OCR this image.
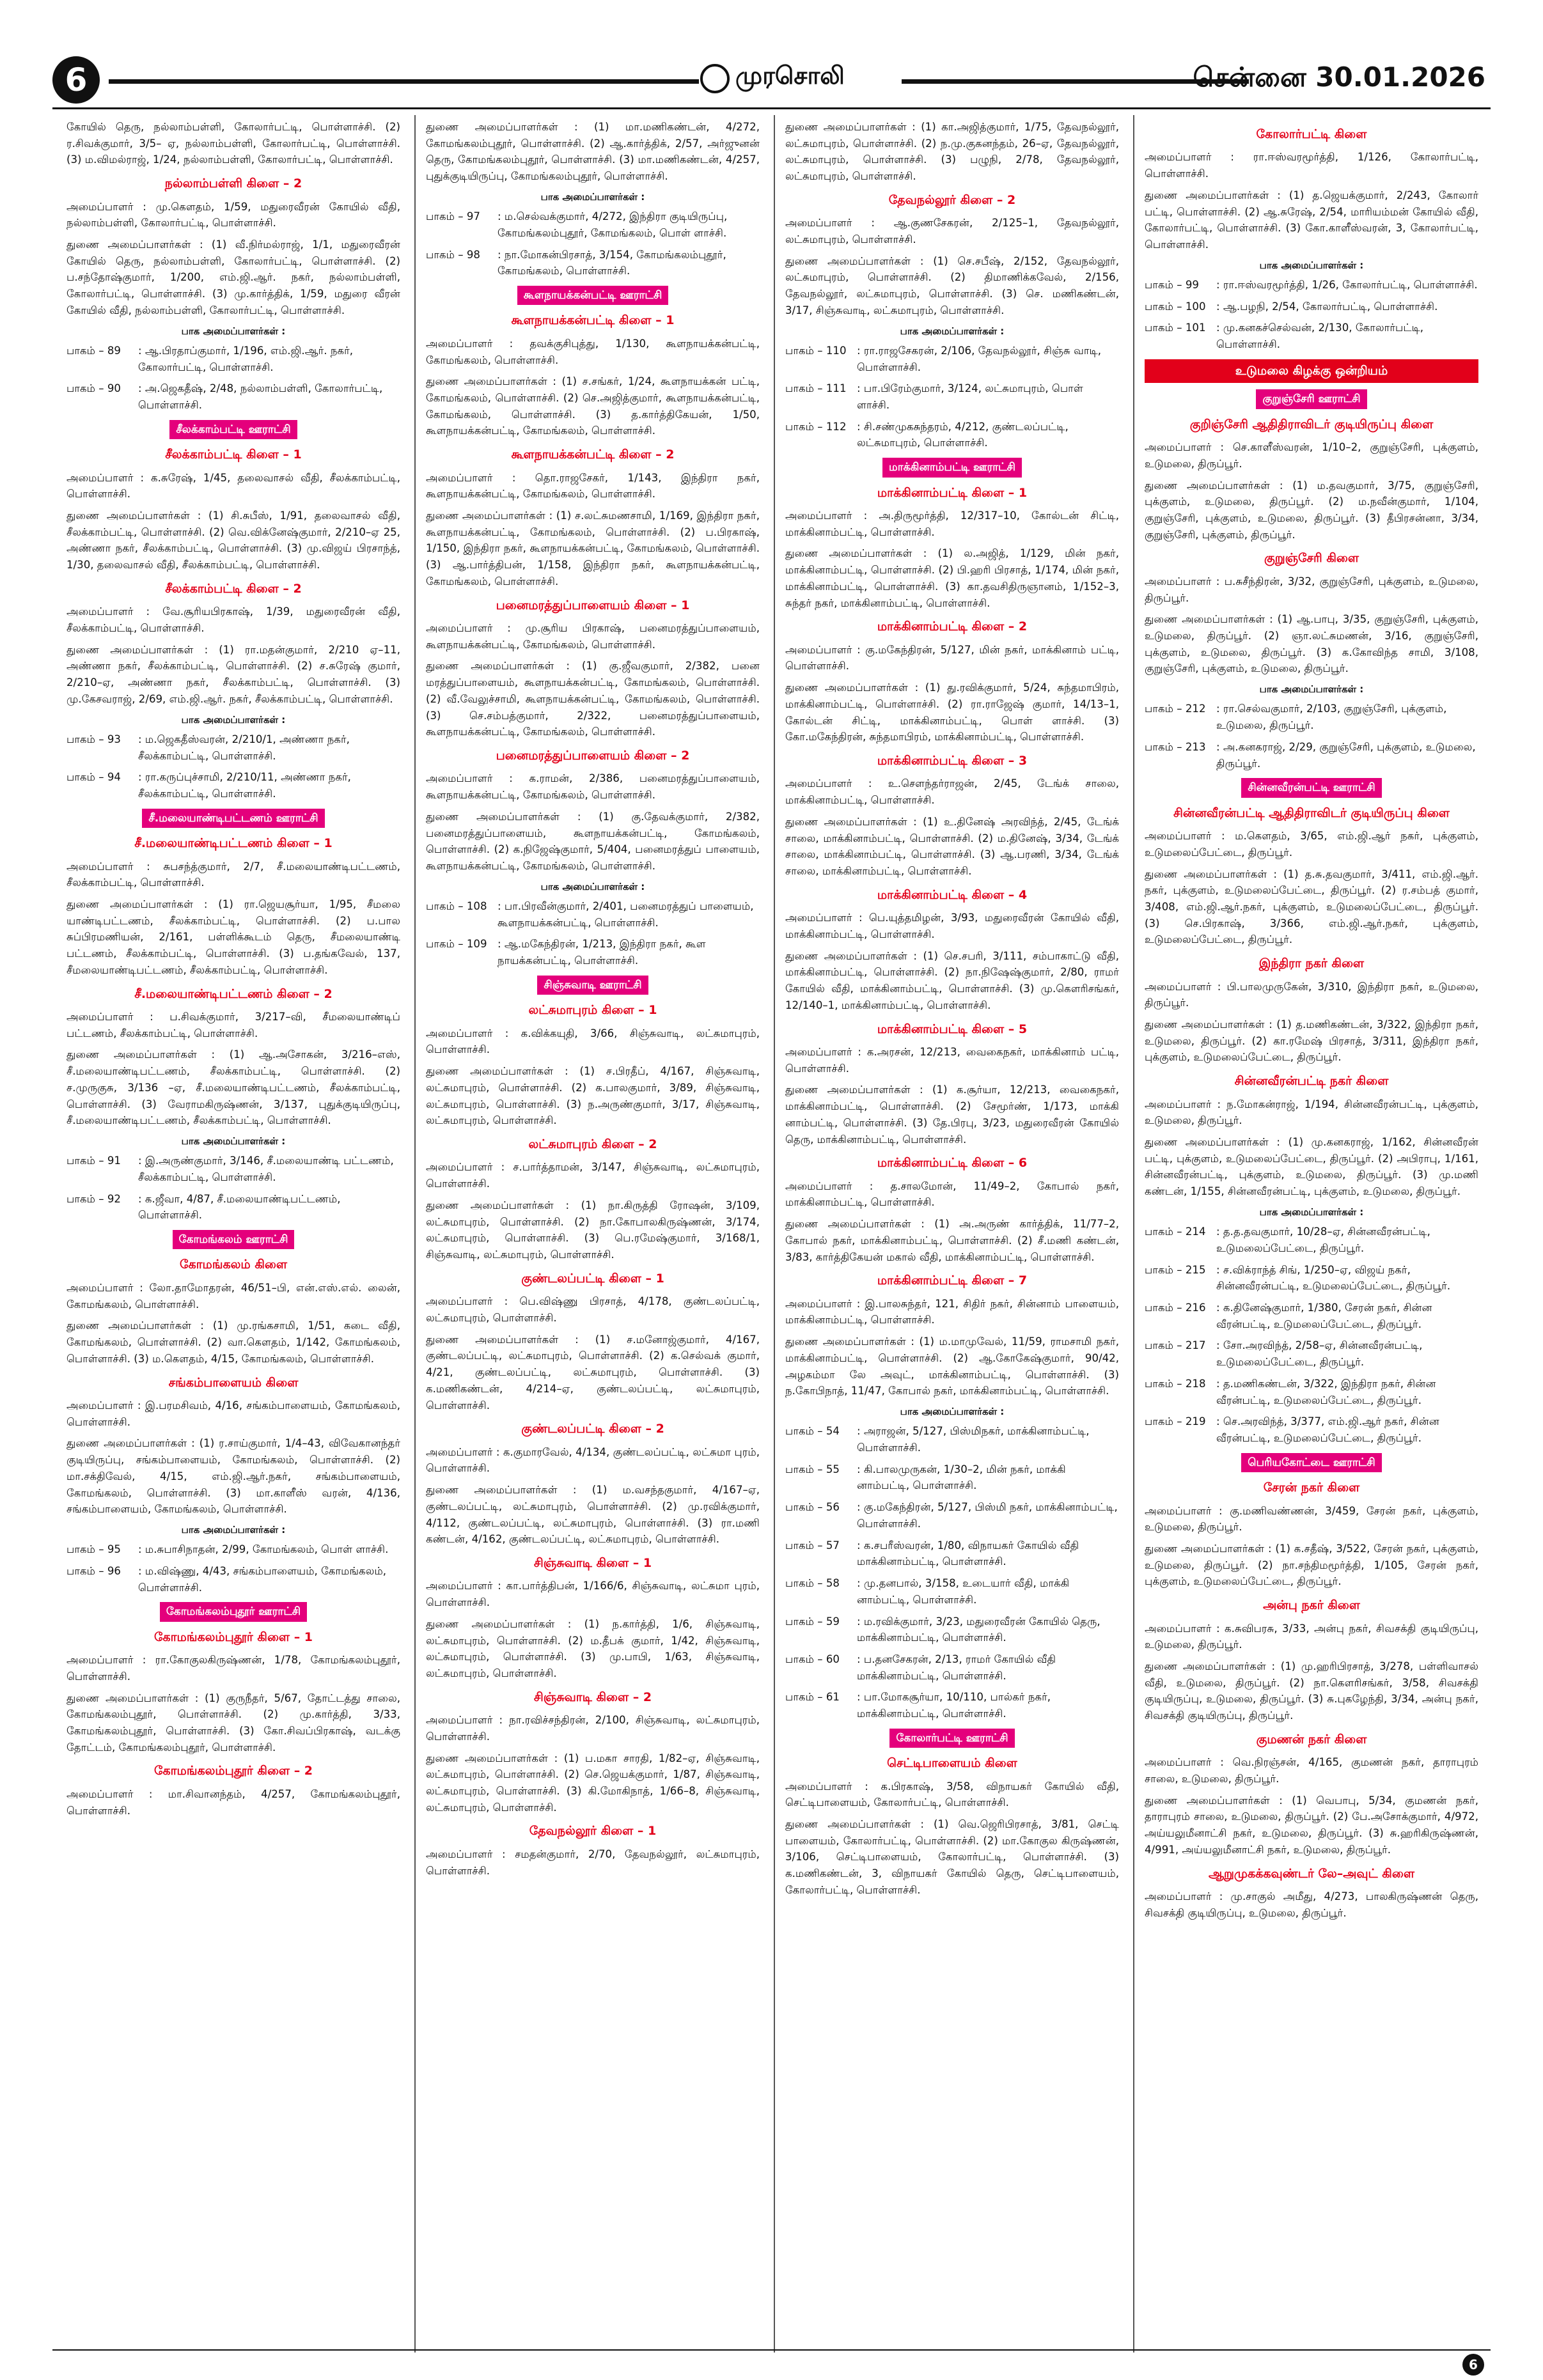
6	முரசொலி	சென்னை 30.01.2026
கோயில் தெரு, நல்லாம்பள்ளி, கோலார்பட்டி, பொள்ளாச்சி. (2) ர.சிவக்குமார், 3/5– ஏ, நல்லாம்பள்ளி, கோலார்பட்டி, பொள்ளாச்சி. (3) ம.விமல்ராஜ், 1/24, நல்லாம்பள்ளி, கோலார்பட்டி, பொள்ளாச்சி.
நல்லாம்பள்ளி கிளை – 2
அமைப்பாளர் : மு.கௌதம், 1/59, மதுரைவீரன் கோயில் வீதி, நல்லாம்பள்ளி, கோலார்பட்டி, பொள்ளாச்சி.
துணை அமைப்பாளர்கள் : (1) வீ.நிர்மல்ராஜ், 1/1, மதுரைவீரன் கோயில் தெரு, நல்லாம்பள்ளி, கோலார்பட்டி, பொள்ளாச்சி. (2) ப.சந்தோஷ்குமார், 1/200, எம்.ஜி.ஆர். நகர், நல்லாம்பள்ளி, கோலார்பட்டி, பொள்ளாச்சி. (3) மு.கார்த்திக், 1/59, மதுரை வீரன் கோயில் வீதி, நல்லாம்பள்ளி, கோலார்பட்டி, பொள்ளாச்சி.
பாக அமைப்பாளர்கள் :
பாகம் – 89	: ஆ.பிரதாப்குமார், 1/196, எம்.ஜி.ஆர். நகர், கோலார்பட்டி, பொள்ளாச்சி.
பாகம் – 90	: அ.ஜெகதீஷ், 2/48, நல்லாம்பள்ளி, கோலார்பட்டி, பொள்ளாச்சி.
சீலக்காம்பட்டி ஊராட்சி
சீலக்காம்பட்டி கிளை – 1
அமைப்பாளர் : க.சுரேஷ், 1/45, தலைவாசல் வீதி, சீலக்காம்பட்டி, பொள்ளாச்சி.
துணை அமைப்பாளர்கள் : (1) சி.சுபீஸ், 1/91, தலைவாசல் வீதி, சீலக்காம்பட்டி, பொள்ளாச்சி. (2) வெ.விக்னேஷ்குமார், 2/210–ஏ 25, அண்ணா நகர், சீலக்காம்பட்டி, பொள்ளாச்சி. (3) மு.விஜய் பிரசாந்த், 1/30, தலைவாசல் வீதி, சீலக்காம்பட்டி, பொள்ளாச்சி.
சீலக்காம்பட்டி கிளை – 2
அமைப்பாளர் : வே.சூரியபிரகாஷ், 1/39, மதுரைவீரன் வீதி, சீலக்காம்பட்டி, பொள்ளாச்சி.
துணை அமைப்பாளர்கள் : (1) ரா.மதன்குமார், 2/210 ஏ–11, அண்ணா நகர், சீலக்காம்பட்டி, பொள்ளாச்சி. (2) ச.சுரேஷ் குமார், 2/210–ஏ, அண்ணா நகர், சீலக்காம்பட்டி, பொள்ளாச்சி. (3) மு.கேசவராஜ், 2/69, எம்.ஜி.ஆர். நகர், சீலக்காம்பட்டி, பொள்ளாச்சி.
பாக அமைப்பாளர்கள் :
பாகம் – 93	: ம.ஜெகதீஸ்வரன், 2/210/1, அண்ணா நகர், சீலக்காம்பட்டி, பொள்ளாச்சி.
பாகம் – 94	: ரா.கருப்புச்சாமி, 2/210/11, அண்ணா நகர், சீலக்காம்பட்டி, பொள்ளாச்சி.
சீ.மலையாண்டிபட்டணம் ஊராட்சி
சீ.மலையாண்டிபட்டணம் கிளை – 1
அமைப்பாளர் : சுபசந்த்குமார், 2/7, சீ.மலையாண்டிபட்டணம், சீலக்காம்பட்டி, பொள்ளாச்சி.
துணை அமைப்பாளர்கள் : (1) ரா.ஜெயசூர்யா, 1/95, சீமலை யாண்டிபட்டணம், சீலக்காம்பட்டி, பொள்ளாச்சி. (2) ப.பால சுப்பிரமணியன், 2/161, பள்ளிக்கூடம் தெரு, சீமலையாண்டி பட்டணம், சீலக்காம்பட்டி, பொள்ளாச்சி. (3) ப.தங்கவேல், 137, சீமலையாண்டிபட்டணம், சீலக்காம்பட்டி, பொள்ளாச்சி.
சீ.மலையாண்டிபட்டணம் கிளை – 2
அமைப்பாளர் : ப.சிவக்குமார், 3/217–வி, சீமலையாண்டிப் பட்டணம், சீலக்காம்பட்டி, பொள்ளாச்சி.
துணை அமைப்பாளர்கள் : (1) ஆ.அசோகன், 3/216–எஸ், சீ.மலையாண்டிபட்டணம், சீலக்காம்பட்டி, பொள்ளாச்சி. (2) ச.முருகுசு, 3/136 –ஏ, சீ.மலையாண்டிபட்டணம், சீலக்காம்பட்டி, பொள்ளாச்சி. (3) வேராமகிருஷ்ணன், 3/137, புதுக்குடியிருப்பு, சீ.மலையாண்டிபட்டணம், சீலக்காம்பட்டி, பொள்ளாச்சி.
பாக அமைப்பாளர்கள் :
பாகம் – 91	: இ.அருண்குமார், 3/146, சீ.மலையாண்டி பட்டணம், சீலக்காம்பட்டி, பொள்ளாச்சி.
பாகம் – 92	: க.ஜீவா, 4/87, சீ.மலையாண்டிபட்டணம், பொள்ளாச்சி.
கோமங்கலம் ஊராட்சி
கோமங்கலம் கிளை
அமைப்பாளர் : லோ.தாமோதரன், 46/51–பி, என்.எஸ்.எல். லைன், கோமங்கலம், பொள்ளாச்சி.
துணை அமைப்பாளர்கள் : (1) மு.ரங்கசாமி, 1/51, கடை வீதி, கோமங்கலம், பொள்ளாச்சி. (2) வா.கௌதம், 1/142, கோமங்கலம், பொள்ளாச்சி. (3) ம.கௌதம், 4/15, கோமங்கலம், பொள்ளாச்சி.
சங்கம்பாளையம் கிளை
அமைப்பாளர் : இ.பரமசிவம், 4/16, சங்கம்பாளையம், கோமங்கலம், பொள்ளாச்சி.
துணை அமைப்பாளர்கள் : (1) ர.சாய்குமார், 1/4–43, விவேகானந்தர் குடியிருப்பு, சங்கம்பாளையம், கோமங்கலம், பொள்ளாச்சி. (2) மா.சக்திவேல், 4/15, எம்.ஜி.ஆர்.நகர், சங்கம்பாளையம், கோமங்கலம், பொள்ளாச்சி. (3) மா.காளீஸ் வரன், 4/136, சங்கம்பாளையம், கோமங்கலம், பொள்ளாச்சி.
பாக அமைப்பாளர்கள் :
பாகம் – 95	: ம.சுபாசிநாதன், 2/99, கோமங்கலம், பொள் ளாச்சி.
பாகம் – 96	: ம.விஷ்ணு, 4/43, சங்கம்பாளையம், கோமங்கலம், பொள்ளாச்சி.
கோமங்கலம்புதூர் ஊராட்சி
கோமங்கலம்புதூர் கிளை – 1
அமைப்பாளர் : ரா.கோகுலகிருஷ்ணன், 1/78, கோமங்கலம்புதூர், பொள்ளாச்சி.
துணை அமைப்பாளர்கள் : (1) குருநீதர், 5/67, தோட்டத்து சாலை, கோமங்கலம்புதூர், பொள்ளாச்சி. (2) மு.கார்த்தி, 3/33, கோமங்கலம்புதூர், பொள்ளாச்சி. (3) கோ.சிவப்பிரகாஷ், வடக்கு தோட்டம், கோமங்கலம்புதூர், பொள்ளாச்சி.
கோமங்கலம்புதூர் கிளை – 2
அமைப்பாளர் : மா.சிவானந்தம், 4/257, கோமங்கலம்புதூர், பொள்ளாச்சி.
துணை அமைப்பாளர்கள் : (1) மா.மணிகண்டன், 4/272, கோமங்கலம்புதூர், பொள்ளாச்சி. (2) ஆ.கார்த்திக், 2/57, அர்ஜுனன் தெரு, கோமங்கலம்புதூர், பொள்ளாச்சி. (3) மா.மணிகண்டன், 4/257, புதுக்குடியிருப்பு, கோமங்கலம்புதூர், பொள்ளாச்சி.
பாக அமைப்பாளர்கள் :
பாகம் – 97	: ம.செல்வக்குமார், 4/272, இந்திரா குடியிருப்பு, கோமங்கலம்புதூர், கோமங்கலம், பொள் ளாச்சி.
பாகம் – 98	: நா.மோகன்பிரசாத், 3/154, கோமங்கலம்புதூர், கோமங்கலம், பொள்ளாச்சி.
கூளநாயக்கன்பட்டி ஊராட்சி
கூளநாயக்கன்பட்டி கிளை – 1
அமைப்பாளர் : தவக்குசிபுத்து, 1/130, கூளநாயக்கன்பட்டி, கோமங்கலம், பொள்ளாச்சி.
துணை அமைப்பாளர்கள் : (1) ச.சங்கர், 1/24, கூளநாயக்கன் பட்டி, கோமங்கலம், பொள்ளாச்சி. (2) செ.அஜித்குமார், கூளநாயக்கன்பட்டி, கோமங்கலம், பொள்ளாச்சி. (3) த.கார்த்திகேயன், 1/50, கூளநாயக்கன்பட்டி, கோமங்கலம், பொள்ளாச்சி.
கூளநாயக்கன்பட்டி கிளை – 2
அமைப்பாளர் : தொ.ராஜசேகர், 1/143, இந்திரா நகர், கூளநாயக்கன்பட்டி, கோமங்கலம், பொள்ளாச்சி.
துணை அமைப்பாளர்கள் : (1) ச.லட்சுமணசாமி, 1/169, இந்திரா நகர், கூளநாயக்கன்பட்டி, கோமங்கலம், பொள்ளாச்சி. (2) ப.பிரகாஷ், 1/150, இந்திரா நகர், கூளநாயக்கன்பட்டி, கோமங்கலம், பொள்ளாச்சி. (3) ஆ.பார்த்திபன், 1/158, இந்திரா நகர், கூளநாயக்கன்பட்டி, கோமங்கலம், பொள்ளாச்சி.
பனைமரத்துப்பாளையம் கிளை – 1
அமைப்பாளர் : மு.சூரிய பிரகாஷ், பனைமரத்துப்பாளையம், கூளநாயக்கன்பட்டி, கோமங்கலம், பொள்ளாச்சி.
துணை அமைப்பாளர்கள் : (1) கு.ஜீவகுமார், 2/382, பனை மரத்துப்பாளையம், கூளநாயக்கன்பட்டி, கோமங்கலம், பொள்ளாச்சி. (2) வீ.வேலுச்சாமி, கூளநாயக்கன்பட்டி, கோமங்கலம், பொள்ளாச்சி. (3) செ.சம்பத்குமார், 2/322, பனைமரத்துப்பாளையம், கூளநாயக்கன்பட்டி, கோமங்கலம், பொள்ளாச்சி.
பனைமரத்துப்பாளையம் கிளை – 2
அமைப்பாளர் : க.ராமன், 2/386, பனைமரத்துப்பாளையம், கூளநாயக்கன்பட்டி, கோமங்கலம், பொள்ளாச்சி.
துணை அமைப்பாளர்கள் : (1) கு.தேவக்குமார், 2/382, பனைமரத்துப்பாளையம், கூளநாயக்கன்பட்டி, கோமங்கலம், பொள்ளாச்சி. (2) க.நிஜேஷ்குமார், 5/404, பனைமரத்துப் பாளையம், கூளநாயக்கன்பட்டி, கோமங்கலம், பொள்ளாச்சி.
பாக அமைப்பாளர்கள் :
பாகம் – 108 : பா.பிரவீன்குமார், 2/401, பனைமரத்துப் பாளையம், கூளநாயக்கன்பட்டி, பொள்ளாச்சி.
பாகம் – 109 : ஆ.மகேந்திரன், 1/213, இந்திரா நகர், கூள நாயக்கன்பட்டி, பொள்ளாச்சி.
சிஞ்சுவாடி ஊராட்சி
லட்சுமாபுரம் கிளை – 1
அமைப்பாளர் : க.விக்கயுதி, 3/66, சிஞ்சுவாடி, லட்சுமாபுரம், பொள்ளாச்சி.
துணை அமைப்பாளர்கள் : (1) ச.பிரதீப், 4/167, சிஞ்சுவாடி, லட்சுமாபுரம், பொள்ளாச்சி. (2) க.பாலகுமார், 3/89, சிஞ்சுவாடி, லட்சுமாபுரம், பொள்ளாச்சி. (3) ந.அருண்குமார், 3/17, சிஞ்சுவாடி, லட்சுமாபுரம், பொள்ளாச்சி.
லட்சுமாபுரம் கிளை – 2
அமைப்பாளர் : ச.பார்த்தாமன், 3/147, சிஞ்சுவாடி, லட்சுமாபுரம், பொள்ளாச்சி.
துணை அமைப்பாளர்கள் : (1) நா.கிருத்தி ரோஷன், 3/109, லட்சுமாபுரம், பொள்ளாச்சி. (2) நா.கோபாலகிருஷ்ணன், 3/174, லட்சுமாபுரம், பொள்ளாச்சி. (3) பெ.ரமேஷ்குமார், 3/168/1, சிஞ்சுவாடி, லட்சுமாபுரம், பொள்ளாச்சி.
குண்டலப்பட்டி கிளை – 1
அமைப்பாளர் : பெ.விஷ்ணு பிரசாத், 4/178, குண்டலப்பட்டி, லட்சுமாபுரம், பொள்ளாச்சி.
துணை அமைப்பாளர்கள் : (1) ச.மனோஜ்குமார், 4/167, குண்டலப்பட்டி, லட்சுமாபுரம், பொள்ளாச்சி. (2) க.செல்வக் குமார், 4/21, குண்டலப்பட்டி, லட்சுமாபுரம், பொள்ளாச்சி. (3) க.மணிகண்டன், 4/214–ஏ, குண்டலப்பட்டி, லட்சுமாபுரம், பொள்ளாச்சி.
குண்டலப்பட்டி கிளை – 2
அமைப்பாளர் : க.குமாரவேல், 4/134, குண்டலப்பட்டி, லட்சுமா புரம், பொள்ளாச்சி.
துணை அமைப்பாளர்கள் : (1) ம.வசந்தகுமார், 4/167–ஏ, குண்டலப்பட்டி, லட்சுமாபுரம், பொள்ளாச்சி. (2) மு.ரவிக்குமார், 4/112, குண்டலப்பட்டி, லட்சுமாபுரம், பொள்ளாச்சி. (3) ரா.மணி கண்டன், 4/162, குண்டலப்பட்டி, லட்சுமாபுரம், பொள்ளாச்சி.
சிஞ்சுவாடி கிளை – 1
அமைப்பாளர் : கா.பார்த்திபன், 1/166/6, சிஞ்சுவாடி, லட்சுமா புரம், பொள்ளாச்சி.
துணை அமைப்பாளர்கள் : (1) ந.கார்த்தி, 1/6, சிஞ்சுவாடி, லட்சுமாபுரம், பொள்ளாச்சி. (2) ம.தீபக் குமார், 1/42, சிஞ்சுவாடி, லட்சுமாபுரம், பொள்ளாச்சி. (3) மு.பாபி, 1/63, சிஞ்சுவாடி, லட்சுமாபுரம், பொள்ளாச்சி.
சிஞ்சுவாடி கிளை – 2
அமைப்பாளர் : நா.ரவிச்சந்திரன், 2/100, சிஞ்சுவாடி, லட்சுமாபுரம், பொள்ளாச்சி.
துணை அமைப்பாளர்கள் : (1) ப.மகா சாரதி, 1/82–ஏ, சிஞ்சுவாடி, லட்சுமாபுரம், பொள்ளாச்சி. (2) செ.ஜெயக்குமார், 1/87, சிஞ்சுவாடி, லட்சுமாபுரம், பொள்ளாச்சி. (3) கி.மோகிநாத், 1/66–8, சிஞ்சுவாடி, லட்சுமாபுரம், பொள்ளாச்சி.
தேவநல்லூர் கிளை – 1
அமைப்பாளர் : சமதன்குமார், 2/70, தேவநல்லூர், லட்சுமாபுரம், பொள்ளாச்சி.
துணை அமைப்பாளர்கள் : (1) கா.அஜித்குமார், 1/75, தேவநல்லூர், லட்சுமாபுரம், பொள்ளாச்சி. (2) ந.மு.குகனந்தம், 26–ஏ, தேவநல்லூர், லட்சுமாபுரம், பொள்ளாச்சி. (3) பழுநி, 2/78, தேவநல்லூர், லட்சுமாபுரம், பொள்ளாச்சி.
தேவநல்லூர் கிளை – 2
அமைப்பாளர் : ஆ.குணசேகரன், 2/125–1, தேவநல்லூர், லட்சுமாபுரம், பொள்ளாச்சி.
துணை அமைப்பாளர்கள் : (1) செ.சபீஷ், 2/152, தேவநல்லூர், லட்சுமாபுரம், பொள்ளாச்சி. (2) திமாணிக்கவேல், 2/156, தேவநல்லூர், லட்சுமாபுரம், பொள்ளாச்சி. (3) செ. மணிகண்டன், 3/17, சிஞ்சுவாடி, லட்சுமாபுரம், பொள்ளாச்சி.
பாக அமைப்பாளர்கள் :
பாகம் – 110 : ரா.ராஜசேகரன், 2/106, தேவநல்லூர், சிஞ்சு வாடி, பொள்ளாச்சி.
பாகம் – 111 : பா.பிரேம்குமார், 3/124, லட்சுமாபுரம், பொள் ளாச்சி.
பாகம் – 112 : சி.சண்முகசுந்தரம், 4/212, குண்டலப்பட்டி, லட்சுமாபுரம், பொள்ளாச்சி.
மாக்கினாம்பட்டி ஊராட்சி
மாக்கினாம்பட்டி கிளை – 1
அமைப்பாளர் : அ.திருமூர்த்தி, 12/317–10, கோல்டன் சிட்டி, மாக்கினாம்பட்டி, பொள்ளாச்சி.
துணை அமைப்பாளர்கள் : (1) ல.அஜித், 1/129, மின் நகர், மாக்கினாம்பட்டி, பொள்ளாச்சி. (2) பி.ஹரி பிரசாத், 1/174, மின் நகர், மாக்கினாம்பட்டி, பொள்ளாச்சி. (3) கா.தவசிதிருஞானம், 1/152–3, சுந்தர் நகர், மாக்கினாம்பட்டி, பொள்ளாச்சி.
மாக்கினாம்பட்டி கிளை – 2
அமைப்பாளர் : கு.மகேந்திரன், 5/127, மின் நகர், மாக்கினாம் பட்டி, பொள்ளாச்சி.
துணை அமைப்பாளர்கள் : (1) து.ரவிக்குமார், 5/24, சுந்தமாபிரம், மாக்கினாம்பட்டி, பொள்ளாச்சி. (2) ரா.ராஜேஷ் குமார், 14/13–1, கோல்டன் சிட்டி, மாக்கினாம்பட்டி, பொள் ளாச்சி. (3) கோ.மகேந்திரன், சுந்தமாபிரம், மாக்கினாம்பட்டி, பொள்ளாச்சி.
மாக்கினாம்பட்டி கிளை – 3
அமைப்பாளர் : உ.செளந்தர்ராஜன், 2/45, டேங்க் சாலை, மாக்கினாம்பட்டி, பொள்ளாச்சி.
துணை அமைப்பாளர்கள் : (1) உ.தினேஷ் அரவிந்த், 2/45, டேங்க் சாலை, மாக்கினாம்பட்டி, பொள்ளாச்சி. (2) ம.தினேஷ், 3/34, டேங்க் சாலை, மாக்கினாம்பட்டி, பொள்ளாச்சி. (3) ஆ.பரணி, 3/34, டேங்க் சாலை, மாக்கினாம்பட்டி, பொள்ளாச்சி.
மாக்கினாம்பட்டி கிளை – 4
அமைப்பாளர் : பெ.யுத்தமிழன், 3/93, மதுரைவீரன் கோயில் வீதி, மாக்கினாம்பட்டி, பொள்ளாச்சி.
துணை அமைப்பாளர்கள் : (1) செ.சபரி, 3/111, சம்பாகாட்டு வீதி, மாக்கினாம்பட்டி, பொள்ளாச்சி. (2) நா.நிஷேஷ்குமார், 2/80, ராமர் கோயில் வீதி, மாக்கினாம்பட்டி, பொள்ளாச்சி. (3) மு.கௌரிசங்கர், 12/140–1, மாக்கினாம்பட்டி, பொள்ளாச்சி.
மாக்கினாம்பட்டி கிளை – 5
அமைப்பாளர் : க.அரசன், 12/213, வைகைநகர், மாக்கினாம் பட்டி, பொள்ளாச்சி.
துணை அமைப்பாளர்கள் : (1) க.சூர்யா, 12/213, வைகைநகர், மாக்கினாம்பட்டி, பொள்ளாச்சி. (2) சேமூர்ண், 1/173, மாக்கி னாம்பட்டி, பொள்ளாச்சி. (3) தே.பிரபு, 3/23, மதுரைவீரன் கோயில் தெரு, மாக்கினாம்பட்டி, பொள்ளாச்சி.
மாக்கினாம்பட்டி கிளை – 6
அமைப்பாளர் : த.சாலமோன், 11/49–2, கோபால் நகர், மாக்கினாம்பட்டி, பொள்ளாச்சி.
துணை அமைப்பாளர்கள் : (1) அ.அருண் கார்த்திக், 11/77–2, கோபால் நகர், மாக்கினாம்பட்டி, பொள்ளாச்சி. (2) சீ.மணி கண்டன், 3/83, கார்த்திகேயன் மகால் வீதி, மாக்கினாம்பட்டி, பொள்ளாச்சி.
மாக்கினாம்பட்டி கிளை – 7
அமைப்பாளர் : இ.பாலசுந்தர், 121, சிதிர் நகர், சின்னாம் பாளையம், மாக்கினாம்பட்டி, பொள்ளாச்சி.
துணை அமைப்பாளர்கள் : (1) ம.மாமுவேல், 11/59, ராமசாமி நகர், மாக்கினாம்பட்டி, பொள்ளாச்சி. (2) ஆ.கோகேஷ்குமார், 90/42, அழகம்மா லே அவுட், மாக்கினாம்பட்டி, பொள்ளாச்சி. (3) ந.கோபிநாத், 11/47, கோபால் நகர், மாக்கினாம்பட்டி, பொள்ளாச்சி.
பாக அமைப்பாளர்கள் :
பாகம் – 54	: அராஜன், 5/127, பிஸ்மிநகர், மாக்கினாம்பட்டி, பொள்ளாச்சி.
பாகம் – 55	: கி.பாலமுருகன், 1/30–2, மின் நகர், மாக்கி னாம்பட்டி, பொள்ளாச்சி.
பாகம் – 56	: கு.மகேந்திரன், 5/127, பிஸ்மி நகர், மாக்கினாம்பட்டி, பொள்ளாச்சி.
பாகம் – 57	: க.சபரீஸ்வரன், 1/80, விநாயகர் கோயில் வீதி மாக்கினாம்பட்டி, பொள்ளாச்சி.
பாகம் – 58	: மு.தனபால், 3/158, உடையார் வீதி, மாக்கி னாம்பட்டி, பொள்ளாச்சி.
பாகம் – 59	: ம.ரவிக்குமார், 3/23, மதுரைவீரன் கோயில் தெரு, மாக்கினாம்பட்டி, பொள்ளாச்சி.
பாகம் – 60	: ப.தனசேகரன், 2/13, ராமர் கோயில் வீதி மாக்கினாம்பட்டி, பொள்ளாச்சி.
பாகம் – 61	: பா.மோகசூர்யா, 10/110, பால்கர் நகர், மாக்கினாம்பட்டி, பொள்ளாச்சி.
கோலார்பட்டி ஊராட்சி
செட்டிபாளையம் கிளை
அமைப்பாளர் : க.பிரகாஷ், 3/58, விநாயகர் கோயில் வீதி, செட்டிபாளையம், கோலார்பட்டி, பொள்ளாச்சி.
துணை அமைப்பாளர்கள் : (1) வெ.ஜெரிபிரசாத், 3/81, செட்டி பாளையம், கோலார்பட்டி, பொள்ளாச்சி. (2) மா.கோகுல கிருஷ்ணன், 3/106, செட்டிபாளையம், கோலார்பட்டி, பொள்ளாச்சி. (3) க.மணிகண்டன், 3, விநாயகர் கோயில் தெரு, செட்டிபாளையம், கோலார்பட்டி, பொள்ளாச்சி.
கோலார்பட்டி கிளை
அமைப்பாளர் : ரா.ஈஸ்வரமூர்த்தி, 1/126, கோலார்பட்டி, பொள்ளாச்சி.
துணை அமைப்பாளர்கள் : (1) த.ஜெயக்குமார், 2/243, கோலார் பட்டி, பொள்ளாச்சி. (2) ஆ.சுரேஷ், 2/54, மாரியம்மன் கோயில் வீதி, கோலார்பட்டி, பொள்ளாச்சி. (3) கோ.காளீஸ்வரன், 3, கோலார்பட்டி, பொள்ளாச்சி.
பாக அமைப்பாளர்கள் :
பாகம் – 99	: ரா.ஈஸ்வரமூர்த்தி, 1/26, கோலார்பட்டி, பொள்ளாச்சி.
பாகம் – 100 : ஆ.பழநி, 2/54, கோலார்பட்டி, பொள்ளாச்சி.
பாகம் – 101 : மு.கனகச்செல்வன், 2/130, கோலார்பட்டி, பொள்ளாச்சி.
உடுமலை கிழக்கு ஒன்றியம்
குறுஞ்சேரி ஊராட்சி
குறிஞ்சேரி ஆதிதிராவிடர் குடியிருப்பு கிளை
அமைப்பாளர் : செ.காளீஸ்வரன், 1/10–2, குறுஞ்சேரி, புக்குளம், உடுமலை, திருப்பூர்.
துணை அமைப்பாளர்கள் : (1) ம.தவகுமார், 3/75, குறுஞ்சேரி, புக்குளம், உடுமலை, திருப்பூர். (2) ம.நவீன்குமார், 1/104, குறுஞ்சேரி, புக்குளம், உடுமலை, திருப்பூர். (3) தீபிரசன்னா, 3/34, குறுஞ்சேரி, புக்குளம், திருப்பூர்.
குறுஞ்சேரி கிளை
அமைப்பாளர் : ப.சுசீந்திரன், 3/32, குறுஞ்சேரி, புக்குளம், உடுமலை, திருப்பூர்.
துணை அமைப்பாளர்கள் : (1) ஆ.பாபு, 3/35, குறுஞ்சேரி, புக்குளம், உடுமலை, திருப்பூர். (2) ஞா.லட்சுமணன், 3/16, குறுஞ்சேரி, புக்குளம், உடுமலை, திருப்பூர். (3) க.கோவிந்த சாமி, 3/108, குறுஞ்சேரி, புக்குளம், உடுமலை, திருப்பூர்.
பாக அமைப்பாளர்கள் :
பாகம் – 212 : ரா.செல்வகுமார், 2/103, குறுஞ்சேரி, புக்குளம், உடுமலை, திருப்பூர்.
பாகம் – 213 : அ.கனகராஜ், 2/29, குறுஞ்சேரி, புக்குளம், உடுமலை, திருப்பூர்.
சின்னவீரன்பட்டி ஊராட்சி
சின்னவீரன்பட்டி ஆதிதிராவிடர் குடியிருப்பு கிளை
அமைப்பாளர் : ம.கௌதம், 3/65, எம்.ஜி.ஆர் நகர், புக்குளம், உடுமலைப்பேட்டை, திருப்பூர்.
துணை அமைப்பாளர்கள் : (1) த.சு.தவகுமார், 3/411, எம்.ஜி.ஆர். நகர், புக்குளம், உடுமலைப்பேட்டை, திருப்பூர். (2) ர.சம்பத் குமார், 3/408, எம்.ஜி.ஆர்.நகர், புக்குளம், உடுமலைப்பேட்டை, திருப்பூர். (3) செ.பிரகாஷ், 3/366, எம்.ஜி.ஆர்.நகர், புக்குளம், உடுமலைப்பேட்டை, திருப்பூர்.
இந்திரா நகர் கிளை
அமைப்பாளர் : பி.பாலமுருகேன், 3/310, இந்திரா நகர், உடுமலை, திருப்பூர்.
துணை அமைப்பாளர்கள் : (1) த.மணிகண்டன், 3/322, இந்திரா நகர், உடுமலை, திருப்பூர். (2) கா.ரமேஷ் பிரசாத், 3/311, இந்திரா நகர், புக்குளம், உடுமலைப்பேட்டை, திருப்பூர்.
சின்னவீரன்பட்டி நகர் கிளை
அமைப்பாளர் : ந.மோகன்ராஜ், 1/194, சின்னவீரன்பட்டி, புக்குளம், உடுமலை, திருப்பூர்.
துணை அமைப்பாளர்கள் : (1) மு.கனகராஜ், 1/162, சின்னவீரன் பட்டி, புக்குளம், உடுமலைப்பேட்டை, திருப்பூர். (2) அபிராபு, 1/161, சின்னவீரன்பட்டி, புக்குளம், உடுமலை, திருப்பூர். (3) மு.மணி கண்டன், 1/155, சின்னவீரன்பட்டி, புக்குளம், உடுமலை, திருப்பூர்.
பாக அமைப்பாளர்கள் :
பாகம் – 214 : த.த.தவகுமார், 10/28–ஏ, சின்னவீரன்பட்டி, உடுமலைப்பேட்டை, திருப்பூர்.
பாகம் – 215 : ச.விக்ராந்த் சிங், 1/250–ஏ, விஜய் நகர், சின்னவீரன்பட்டி, உடுமலைப்பேட்டை, திருப்பூர்.
பாகம் – 216 : க.தினேஷ்குமார், 1/380, சேரன் நகர், சின்ன வீரன்பட்டி, உடுமலைப்பேட்டை, திருப்பூர்.
பாகம் – 217 : சோ.அரவிந்த், 2/58–ஏ, சின்னவீரன்பட்டி, உடுமலைப்பேட்டை, திருப்பூர்.
பாகம் – 218 : த.மணிகண்டன், 3/322, இந்திரா நகர், சின்ன வீரன்பட்டி, உடுமலைப்பேட்டை, திருப்பூர்.
பாகம் – 219 : செ.அரவிந்த், 3/377, எம்.ஜி.ஆர் நகர், சின்ன வீரன்பட்டி, உடுமலைப்பேட்டை, திருப்பூர்.
பெரியகோட்டை ஊராட்சி
சேரன் நகர் கிளை
அமைப்பாளர் : கு.மணிவண்ணன், 3/459, சேரன் நகர், புக்குளம், உடுமலை, திருப்பூர்.
துணை அமைப்பாளர்கள் : (1) க.சதீஷ், 3/522, சேரன் நகர், புக்குளம், உடுமலை, திருப்பூர். (2) நா.சந்திமமூர்த்தி, 1/105, சேரன் நகர், புக்குளம், உடுமலைப்பேட்டை, திருப்பூர்.
அன்பு நகர் கிளை
அமைப்பாளர் : க.சுவிபரசு, 3/33, அன்பு நகர், சிவசக்தி குடியிருப்பு, உடுமலை, திருப்பூர்.
துணை அமைப்பாளர்கள் : (1) மு.ஹரிபிரசாத், 3/278, பள்ளிவாசல் வீதி, உடுமலை, திருப்பூர். (2) நா.கெளரிசங்கர், 3/58, சிவசக்தி குடியிருப்பு, உடுமலை, திருப்பூர். (3) சு.புகழேந்தி, 3/34, அன்பு நகர், சிவசக்தி குடியிருப்பு, திருப்பூர்.
குமணன் நகர் கிளை
அமைப்பாளர் : வெ.நிரஞ்சன், 4/165, குமணன் நகர், தாராபுரம் சாலை, உடுமலை, திருப்பூர்.
துணை அமைப்பாளர்கள் : (1) வெபாபு, 5/34, குமணன் நகர், தாராபுரம் சாலை, உடுமலை, திருப்பூர். (2) பே.அசோக்குமார், 4/972, அய்யலுமீனாட்சி நகர், உடுமலை, திருப்பூர். (3) சு.ஹரிகிருஷ்ணன், 4/991, அய்யலுமீனாட்சி நகர், உடுமலை, திருப்பூர்.
ஆறுமுகக்கவுண்டர் லே–அவுட் கிளை
அமைப்பாளர் : மு.சாகுல் அமீது, 4/273, பாலகிருஷ்ணன் தெரு, சிவசக்தி குடியிருப்பு, உடுமலை, திருப்பூர்.
6
